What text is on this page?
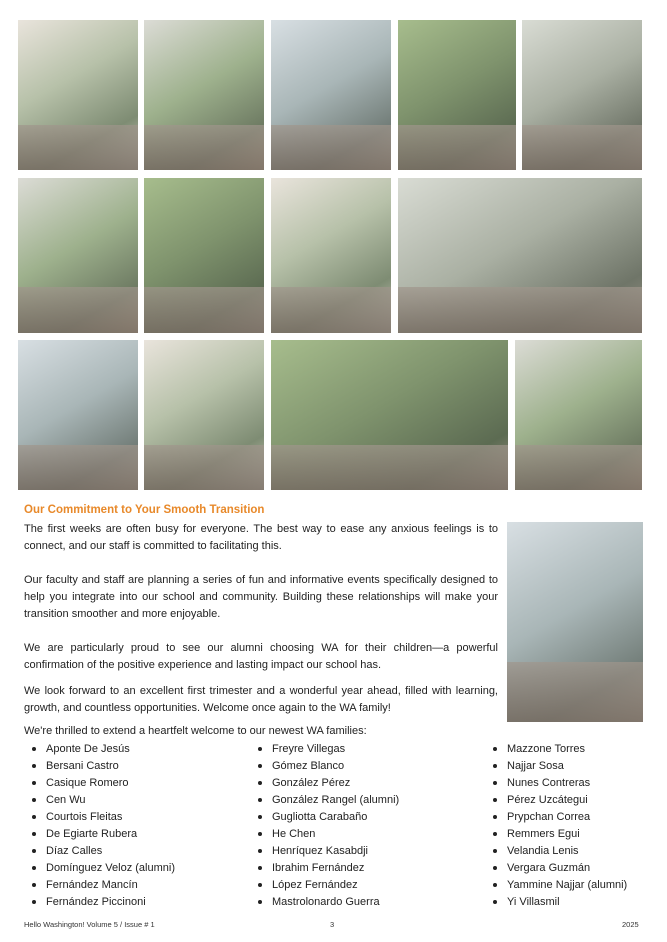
Our Commitment to Your Smooth Transition

The first weeks are often busy for everyone. The best way to ease any anxious feelings is to connect, and our staff is committed to facilitating this.

Our faculty and staff are planning a series of fun and informative events specifically designed to help you integrate into our school and community. Building these relationships will make your transition smoother and more enjoyable.

We are particularly proud to see our alumni choosing WA for their children—a powerful confirmation of the positive experience and lasting impact our school has.

We look forward to an excellent first trimester and a wonderful year ahead, filled with learning, growth, and countless opportunities. Welcome once again to the WA family!

We're thrilled to extend a heartfelt welcome to our newest WA families:

Aponte De Jesús
Bersani Castro
Casique Romero
Cen Wu
Courtois Fleitas
De Egiarte Rubera
Díaz Calles
Domínguez Veloz (alumni)
Fernández Mancín
Fernández Piccinoni
Freyre Villegas
Gómez Blanco
González Pérez
González Rangel (alumni)
Gugliotta Carabaño
He Chen
Henríquez Kasabdji
Ibrahim Fernández
López Fernández
Mastrolonardo Guerra
Mazzone Torres
Najjar Sosa
Nunes Contreras
Pérez Uzcátegui
Prypchan Correa
Remmers Egui
Velandia Lenis
Vergara Guzmán
Yammine Najjar (alumni)
Yi Villasmil

Hello Washington! Volume 5 / Issue # 1	3	2025
